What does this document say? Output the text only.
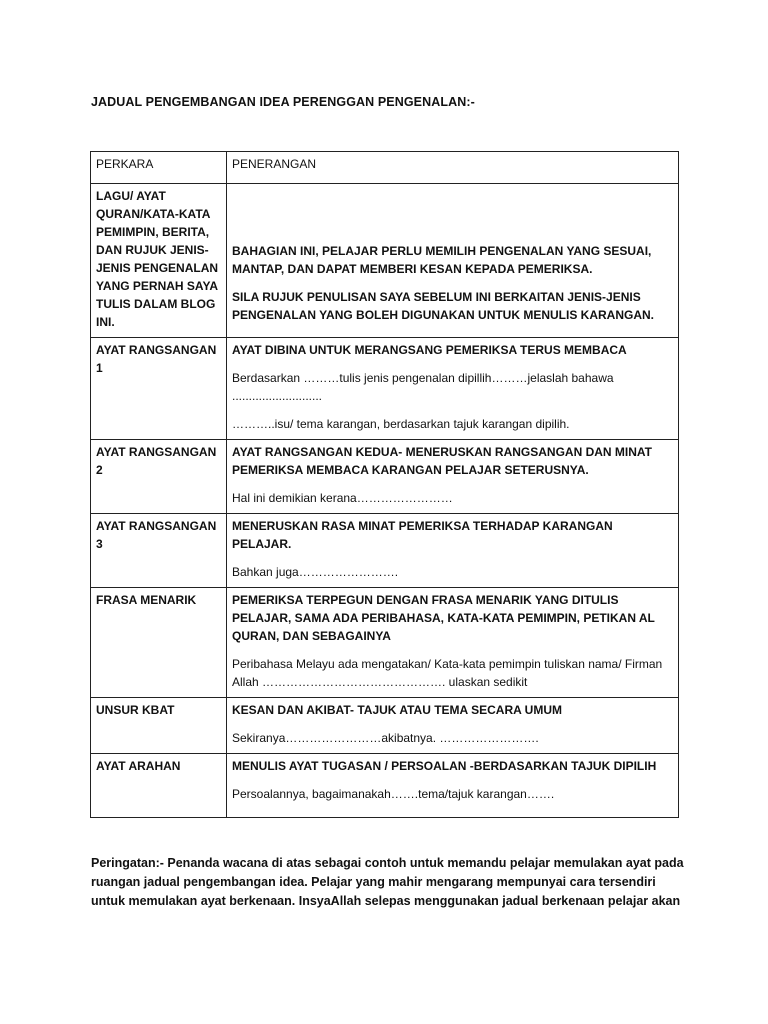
JADUAL PENGEMBANGAN IDEA PERENGGAN PENGENALAN:-
PERKARA	PENERANGAN
LAGU/ AYAT QURAN/KATA-KATA PEMIMPIN, BERITA, DAN RUJUK JENIS-JENIS PENGENALAN YANG PERNAH SAYA TULIS DALAM BLOG INI.	BAHAGIAN INI, PELAJAR PERLU MEMILIH PENGENALAN YANG SESUAI, MANTAP, DAN DAPAT MEMBERI KESAN KEPADA PEMERIKSA.

SILA RUJUK PENULISAN SAYA SEBELUM INI BERKAITAN JENIS-JENIS PENGENALAN YANG BOLEH DIGUNAKAN UNTUK MENULIS KARANGAN.

AYAT RANGSANGAN 1	AYAT DIBINA UNTUK MERANGSANG PEMERIKSA TERUS MEMBACA

Berdasarkan ………tulis jenis pengenalan dipillih………jelaslah bahawa ...........................

………..isu/ tema karangan, berdasarkan tajuk karangan dipilih.

AYAT RANGSANGAN 2	AYAT RANGSANGAN KEDUA- MENERUSKAN RANGSANGAN DAN MINAT PEMERIKSA MEMBACA KARANGAN PELAJAR SETERUSNYA.

Hal ini demikian kerana……………………

AYAT RANGSANGAN 3	MENERUSKAN RASA MINAT PEMERIKSA TERHADAP KARANGAN PELAJAR.

Bahkan juga…………………….

FRASA MENARIK	PEMERIKSA TERPEGUN DENGAN FRASA MENARIK YANG DITULIS PELAJAR, SAMA ADA PERIBAHASA, KATA-KATA PEMIMPIN, PETIKAN AL QURAN, DAN SEBAGAINYA

Peribahasa Melayu ada mengatakan/ Kata-kata pemimpin tuliskan nama/ Firman Allah ………………………………………. ulaskan sedikit

UNSUR KBAT	KESAN DAN AKIBAT- TAJUK ATAU TEMA SECARA UMUM

Sekiranya……………………akibatnya. …………………….

AYAT ARAHAN	MENULIS AYAT TUGASAN / PERSOALAN -BERDASARKAN TAJUK DIPILIH

Persoalannya, bagaimanakah…….tema/tajuk karangan…….

Peringatan:- Penanda wacana di atas sebagai contoh untuk memandu pelajar memulakan ayat pada ruangan jadual pengembangan idea. Pelajar yang mahir mengarang mempunyai cara tersendiri untuk memulakan ayat berkenaan. InsyaAllah selepas menggunakan jadual berkenaan pelajar akan
